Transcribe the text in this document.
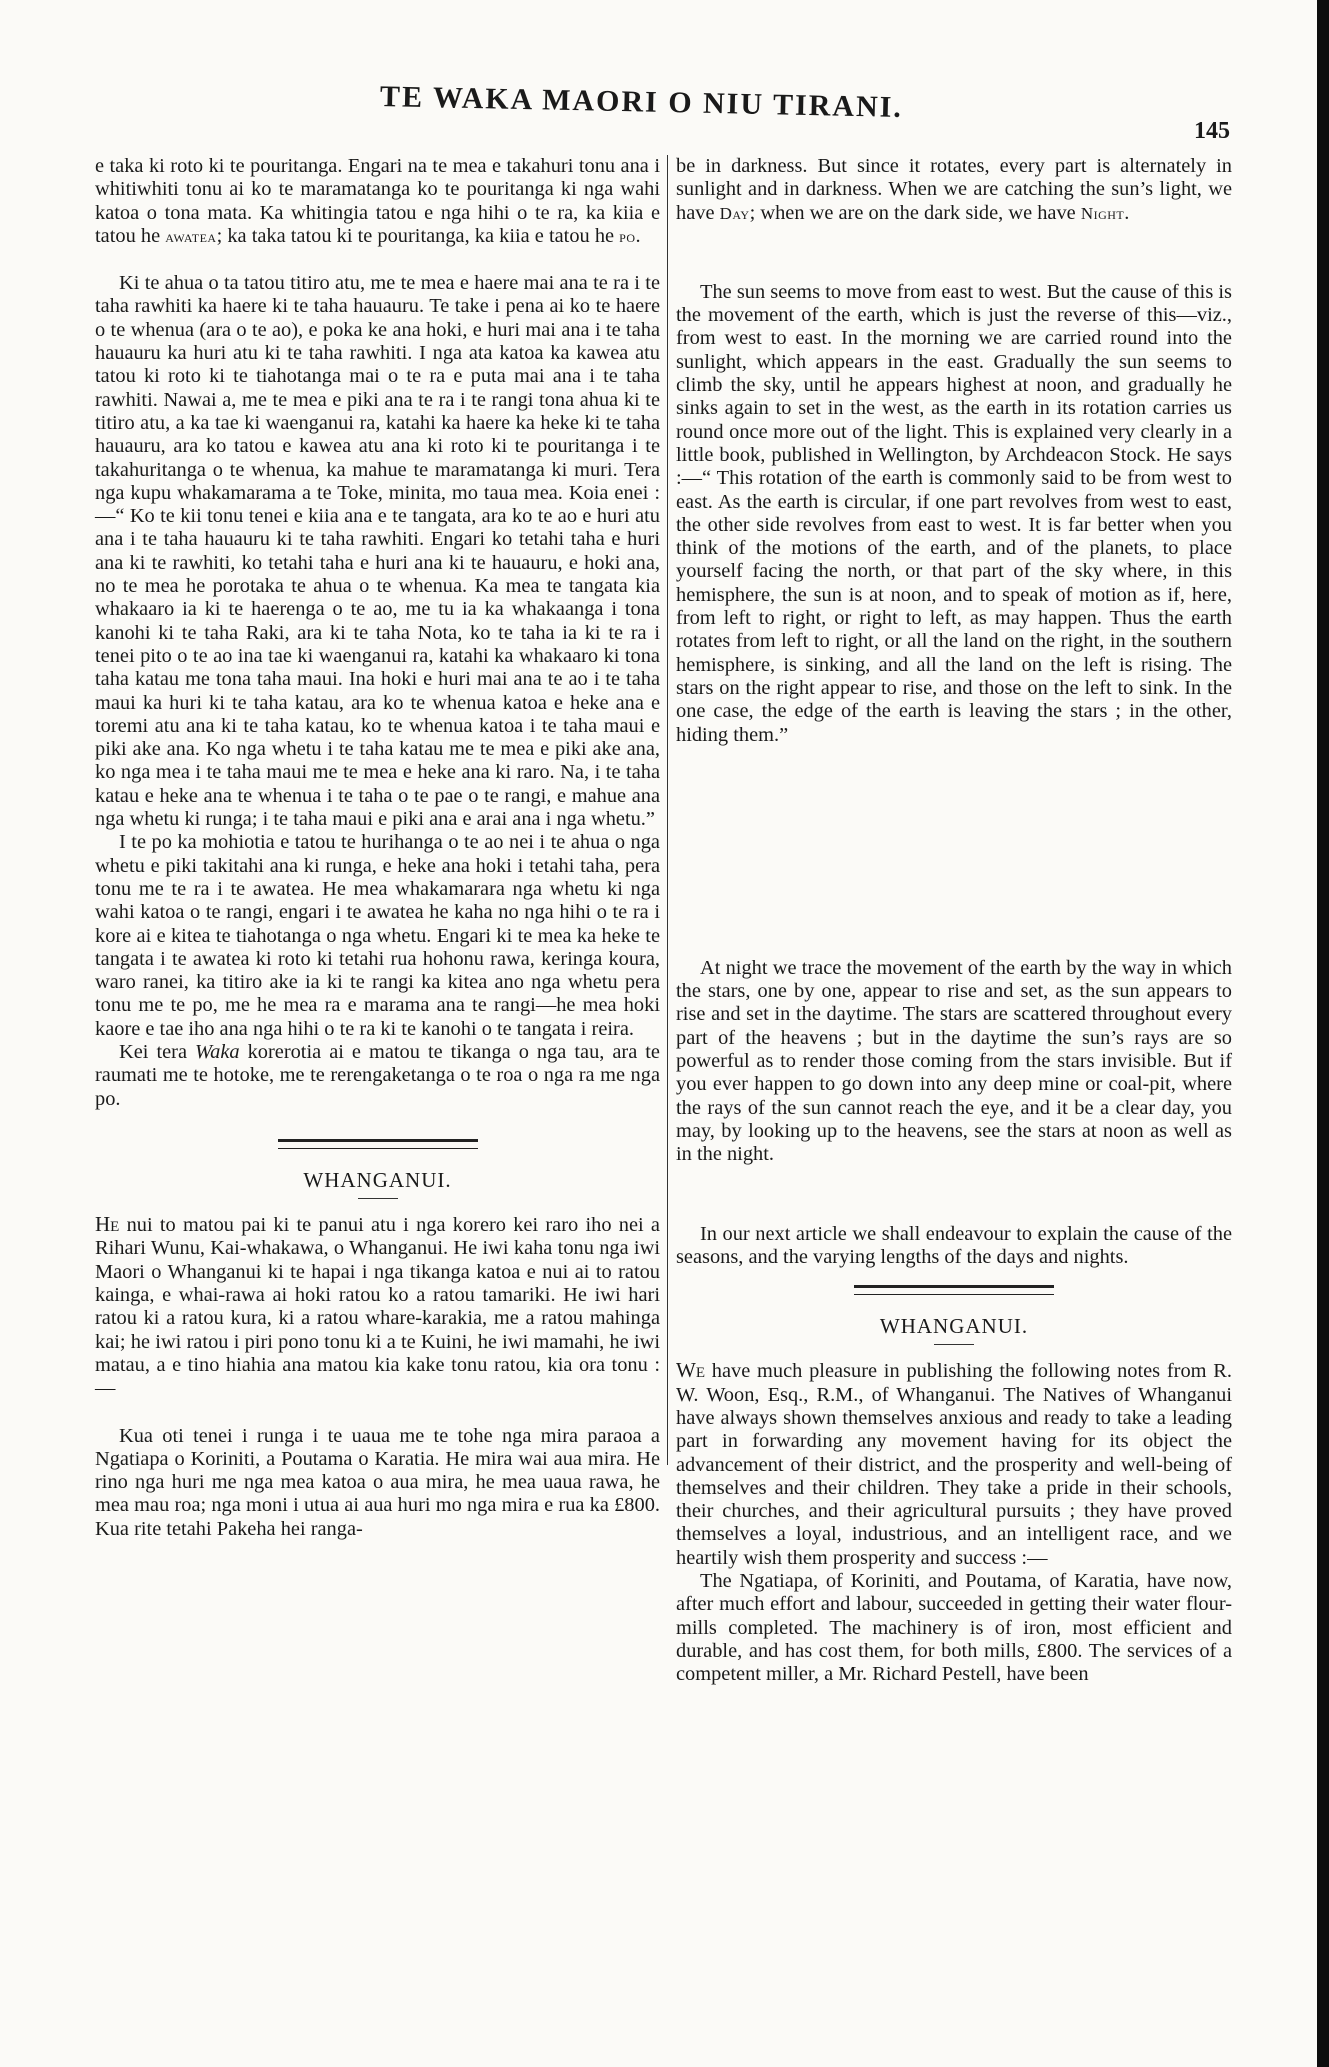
TE WAKA MAORI O NIU TIRANI.
145

e taka ki roto ki te pouritanga. Engari na te mea e takahuri tonu ana i whitiwhiti tonu ai ko te maramatanga ko te pouritanga ki nga wahi katoa o tona mata. Ka whitingia tatou e nga hihi o te ra, ka kiia e tatou he awatea; ka taka tatou ki te pouritanga, ka kiia e tatou he po.

Ki te ahua o ta tatou titiro atu, me te mea e haere mai ana te ra i te taha rawhiti ka haere ki te taha hauauru. Te take i pena ai ko te haere o te whenua (ara o te ao), e poka ke ana hoki, e huri mai ana i te taha hauauru ka huri atu ki te taha rawhiti. I nga ata katoa ka kawea atu tatou ki roto ki te tiahotanga mai o te ra e puta mai ana i te taha rawhiti. Nawai a, me te mea e piki ana te ra i te rangi tona ahua ki te titiro atu, a ka tae ki waenganui ra, katahi ka haere ka heke ki te taha hauauru, ara ko tatou e kawea atu ana ki roto ki te pouritanga i te takahuritanga o te whenua, ka mahue te maramatanga ki muri. Tera nga kupu whakamarama a te Toke, minita, mo taua mea. Koia enei :—“ Ko te kii tonu tenei e kiia ana e te tangata, ara ko te ao e huri atu ana i te taha hauauru ki te taha rawhiti. Engari ko tetahi taha e huri ana ki te rawhiti, ko tetahi taha e huri ana ki te hauauru, e hoki ana, no te mea he porotaka te ahua o te whenua. Ka mea te tangata kia whakaaro ia ki te haerenga o te ao, me tu ia ka whakaanga i tona kanohi ki te taha Raki, ara ki te taha Nota, ko te taha ia ki te ra i tenei pito o te ao ina tae ki waenganui ra, katahi ka whakaaro ki tona taha katau me tona taha maui. Ina hoki e huri mai ana te ao i te taha maui ka huri ki te taha katau, ara ko te whenua katoa e heke ana e toremi atu ana ki te taha katau, ko te whenua katoa i te taha maui e piki ake ana. Ko nga whetu i te taha katau me te mea e piki ake ana, ko nga mea i te taha maui me te mea e heke ana ki raro. Na, i te taha katau e heke ana te whenua i te taha o te pae o te rangi, e mahue ana nga whetu ki runga; i te taha maui e piki ana e arai ana i nga whetu.”

I te po ka mohiotia e tatou te hurihanga o te ao nei i te ahua o nga whetu e piki takitahi ana ki runga, e heke ana hoki i tetahi taha, pera tonu me te ra i te awatea. He mea whakamarara nga whetu ki nga wahi katoa o te rangi, engari i te awatea he kaha no nga hihi o te ra i kore ai e kitea te tiahotanga o nga whetu. Engari ki te mea ka heke te tangata i te awatea ki roto ki tetahi rua hohonu rawa, keringa koura, waro ranei, ka titiro ake ia ki te rangi ka kitea ano nga whetu pera tonu me te po, me he mea ra e marama ana te rangi—he mea hoki kaore e tae iho ana nga hihi o te ra ki te kanohi o te tangata i reira.

Kei tera Waka korerotia ai e matou te tikanga o nga tau, ara te raumati me te hotoke, me te rerengaketanga o te roa o nga ra me nga po.

WHANGANUI.

He nui to matou pai ki te panui atu i nga korero kei raro iho nei a Rihari Wunu, Kai-whakawa, o Whanganui. He iwi kaha tonu nga iwi Maori o Whanganui ki te hapai i nga tikanga katoa e nui ai to ratou kainga, e whai-rawa ai hoki ratou ko a ratou tamariki. He iwi hari ratou ki a ratou kura, ki a ratou whare-karakia, me a ratou mahinga kai; he iwi ratou i piri pono tonu ki a te Kuini, he iwi mamahi, he iwi matau, a e tino hiahia ana matou kia kake tonu ratou, kia ora tonu :—

Kua oti tenei i runga i te uaua me te tohe nga mira paraoa a Ngatiapa o Koriniti, a Poutama o Karatia. He mira wai aua mira. He rino nga huri me nga mea katoa o aua mira, he mea uaua rawa, he mea mau roa; nga moni i utua ai aua huri mo nga mira e rua ka £800. Kua rite tetahi Pakeha hei ranga-

be in darkness. But since it rotates, every part is alternately in sunlight and in darkness. When we are catching the sun’s light, we have Day; when we are on the dark side, we have Night.

The sun seems to move from east to west. But the cause of this is the movement of the earth, which is just the reverse of this—viz., from west to east. In the morning we are carried round into the sunlight, which appears in the east. Gradually the sun seems to climb the sky, until he appears highest at noon, and gradually he sinks again to set in the west, as the earth in its rotation carries us round once more out of the light. This is explained very clearly in a little book, published in Wellington, by Archdeacon Stock. He says :—“ This rotation of the earth is commonly said to be from west to east. As the earth is circular, if one part revolves from west to east, the other side revolves from east to west. It is far better when you think of the motions of the earth, and of the planets, to place yourself facing the north, or that part of the sky where, in this hemisphere, the sun is at noon, and to speak of motion as if, here, from left to right, or right to left, as may happen. Thus the earth rotates from left to right, or all the land on the right, in the southern hemisphere, is sinking, and all the land on the left is rising. The stars on the right appear to rise, and those on the left to sink. In the one case, the edge of the earth is leaving the stars ; in the other, hiding them.”

At night we trace the movement of the earth by the way in which the stars, one by one, appear to rise and set, as the sun appears to rise and set in the daytime. The stars are scattered throughout every part of the heavens ; but in the daytime the sun’s rays are so powerful as to render those coming from the stars invisible. But if you ever happen to go down into any deep mine or coal-pit, where the rays of the sun cannot reach the eye, and it be a clear day, you may, by looking up to the heavens, see the stars at noon as well as in the night.

In our next article we shall endeavour to explain the cause of the seasons, and the varying lengths of the days and nights.

WHANGANUI.

We have much pleasure in publishing the following notes from R. W. Woon, Esq., R.M., of Whanganui. The Natives of Whanganui have always shown themselves anxious and ready to take a leading part in forwarding any movement having for its object the advancement of their district, and the prosperity and well-being of themselves and their children. They take a pride in their schools, their churches, and their agricultural pursuits ; they have proved themselves a loyal, industrious, and an intelligent race, and we heartily wish them prosperity and success :—

The Ngatiapa, of Koriniti, and Poutama, of Karatia, have now, after much effort and labour, succeeded in getting their water flour-mills completed. The machinery is of iron, most efficient and durable, and has cost them, for both mills, £800. The services of a competent miller, a Mr. Richard Pestell, have been
